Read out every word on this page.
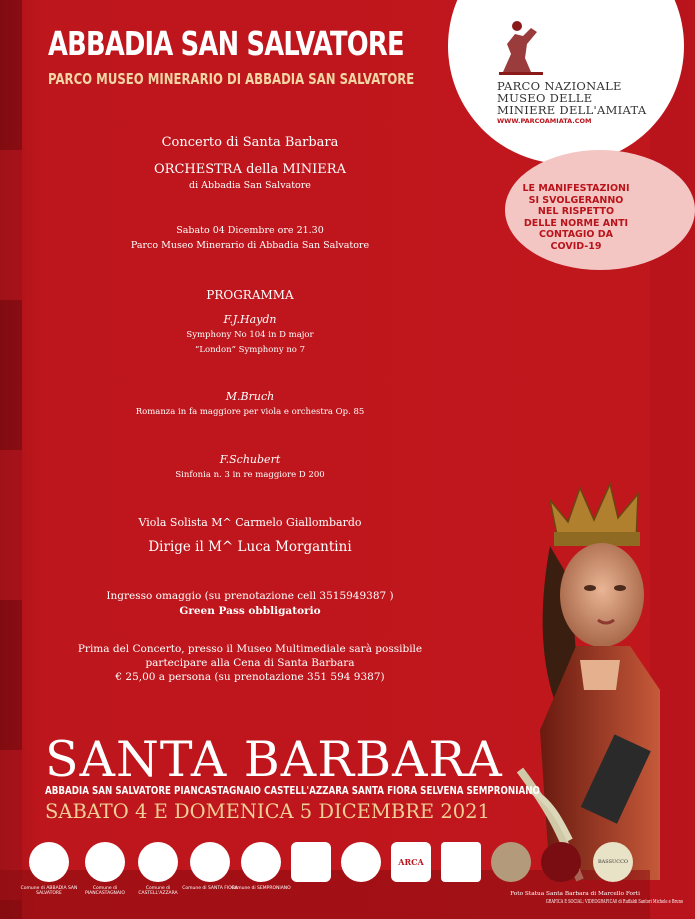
ABBADIA SAN SALVATORE
PARCO MUSEO MINERARIO DI ABBADIA SAN SALVATORE	PARCO NAZIONALE
MUSEO DELLE
MINIERE DELL'AMIATA
WWW.PARCOAMIATA.COM
LE MANIFESTAZIONI SI SVOLGERANNO NEL RISPETTO DELLE NORME ANTI CONTAGIO DA COVID-19
Concerto di Santa Barbara
ORCHESTRA della MINIERA
di Abbadia San Salvatore
Sabato 04 Dicembre ore 21.30
Parco Museo Minerario di Abbadia San Salvatore
PROGRAMMA
F.J.Haydn
Symphony No 104 in D major
“London” Symphony no 7
M.Bruch
Romanza in fa maggiore per viola e orchestra Op. 85
F.Schubert
Sinfonia n. 3 in re maggiore D 200
Viola Solista M^ Carmelo Giallombardo
Dirige il M^ Luca Morgantini
Ingresso omaggio (su prenotazione cell 3515949387 )
Green Pass obbligatorio
Prima del Concerto, presso il Museo Multimediale sarà possibile
partecipare alla Cena di Santa Barbara
€ 25,00 a persona (su prenotazione 351 594 9387)
SANTA BARBARA
ABBADIA SAN SALVATORE PIANCASTAGNAIO CASTELL'AZZARA SANTA FIORA SELVENA SEMPRONIANO
SABATO 4 E DOMENICA 5 DICEMBRE 2021
Comune di ABBADIA SAN SALVATORE
Comune di PIANCASTAGNAIO
Comune di CASTELL'AZZARA
Comune di SANTA FIORA
Comune di SEMPRONIANO
ARCA	BASSUCCO
Foto Statua Santa Barbara di Marcello Forti
GRAFICA E SOCIAL: VIDEOGRAFICA0 di Ruffaldi Santori Michele e Bruno
